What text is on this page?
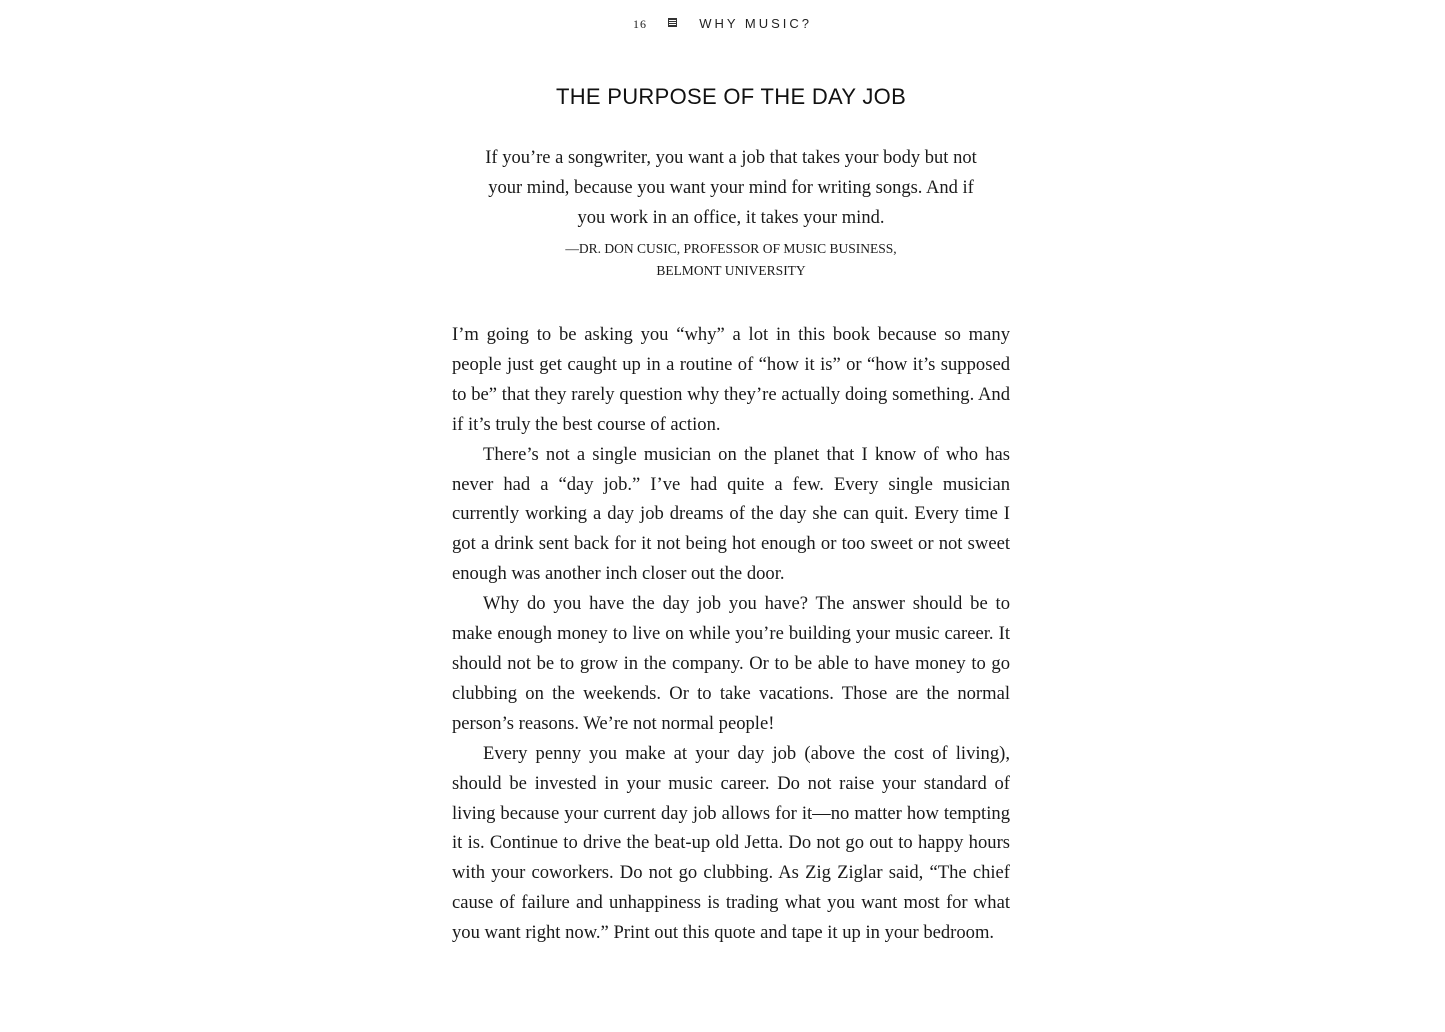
16	WHY MUSIC?
THE PURPOSE OF THE DAY JOB

If you’re a songwriter, you want a job that takes your body but not your mind, because you want your mind for writing songs. And if you work in an office, it takes your mind.

—DR. DON CUSIC, PROFESSOR OF MUSIC BUSINESS,
BELMONT UNIVERSITY

I’m going to be asking you “why” a lot in this book because so many people just get caught up in a routine of “how it is” or “how it’s supposed to be” that they rarely question why they’re actually doing something. And if it’s truly the best course of action.

There’s not a single musician on the planet that I know of who has never had a “day job.” I’ve had quite a few. Every single musician currently working a day job dreams of the day she can quit. Every time I got a drink sent back for it not being hot enough or too sweet or not sweet enough was another inch closer out the door.

Why do you have the day job you have? The answer should be to make enough money to live on while you’re building your music career. It should not be to grow in the company. Or to be able to have money to go clubbing on the weekends. Or to take vacations. Those are the normal person’s reasons. We’re not normal people!

Every penny you make at your day job (above the cost of living), should be invested in your music career. Do not raise your standard of living because your current day job allows for it—no matter how tempting it is. Continue to drive the beat-up old Jetta. Do not go out to happy hours with your coworkers. Do not go clubbing. As Zig Ziglar said, “The chief cause of failure and unhappiness is trading what you want most for what you want right now.” Print out this quote and tape it up in your bedroom.
